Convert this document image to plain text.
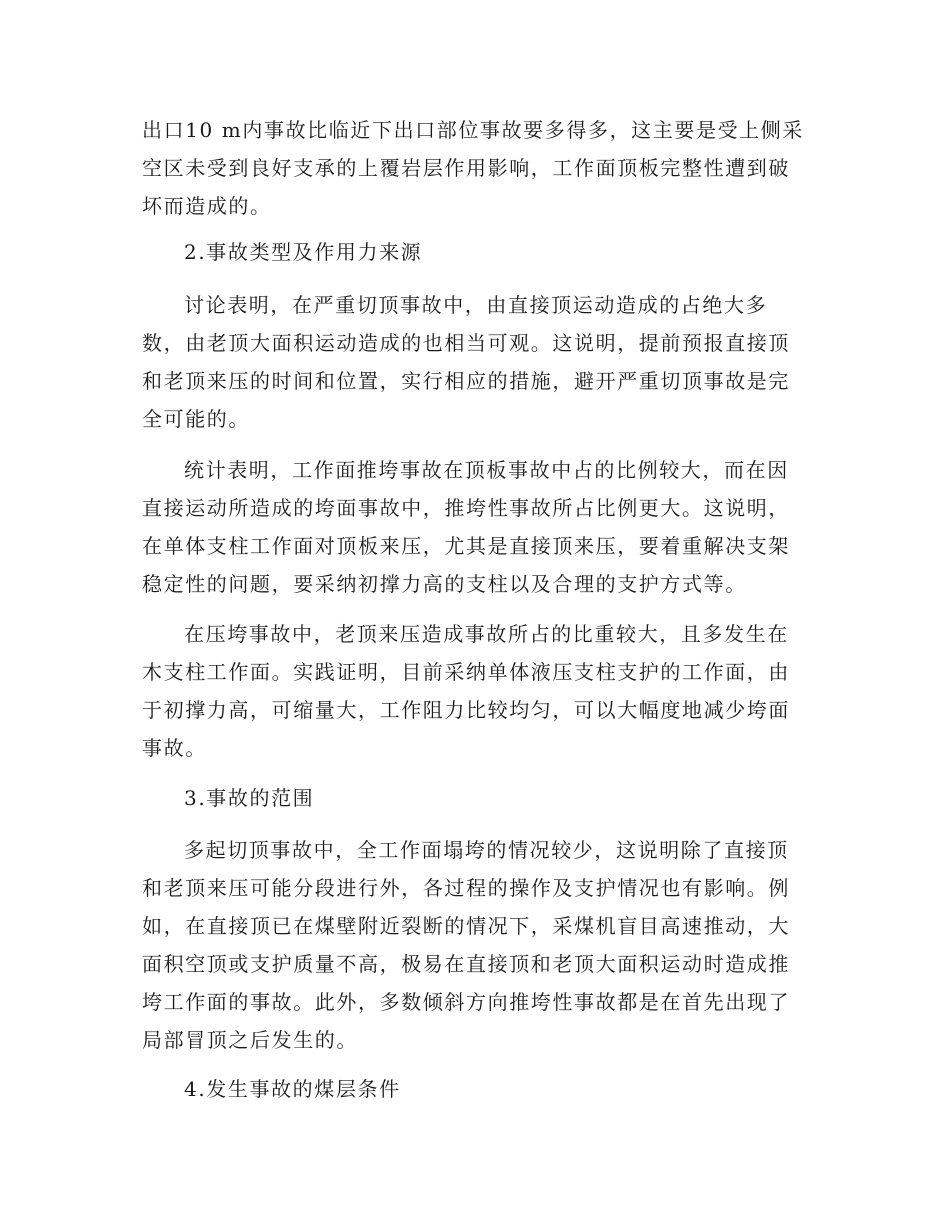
出口10 m内事故比临近下出口部位事故要多得多，这主要是受上侧采
空区未受到良好支承的上覆岩层作用影响，工作面顶板完整性遭到破
坏而造成的。
2.事故类型及作用力来源
讨论表明，在严重切顶事故中，由直接顶运动造成的占绝大多
数，由老顶大面积运动造成的也相当可观。这说明，提前预报直接顶
和老顶来压的时间和位置，实行相应的措施，避开严重切顶事故是完
全可能的。
统计表明，工作面推垮事故在顶板事故中占的比例较大，而在因
直接运动所造成的垮面事故中，推垮性事故所占比例更大。这说明，
在单体支柱工作面对顶板来压，尤其是直接顶来压，要着重解决支架
稳定性的问题，要采纳初撑力高的支柱以及合理的支护方式等。
在压垮事故中，老顶来压造成事故所占的比重较大，且多发生在
木支柱工作面。实践证明，目前采纳单体液压支柱支护的工作面，由
于初撑力高，可缩量大，工作阻力比较均匀，可以大幅度地减少垮面
事故。
3.事故的范围
多起切顶事故中，全工作面塌垮的情况较少，这说明除了直接顶
和老顶来压可能分段进行外，各过程的操作及支护情况也有影响。例
如，在直接顶已在煤壁附近裂断的情况下，采煤机盲目高速推动，大
面积空顶或支护质量不高，极易在直接顶和老顶大面积运动时造成推
垮工作面的事故。此外，多数倾斜方向推垮性事故都是在首先出现了
局部冒顶之后发生的。
4.发生事故的煤层条件
